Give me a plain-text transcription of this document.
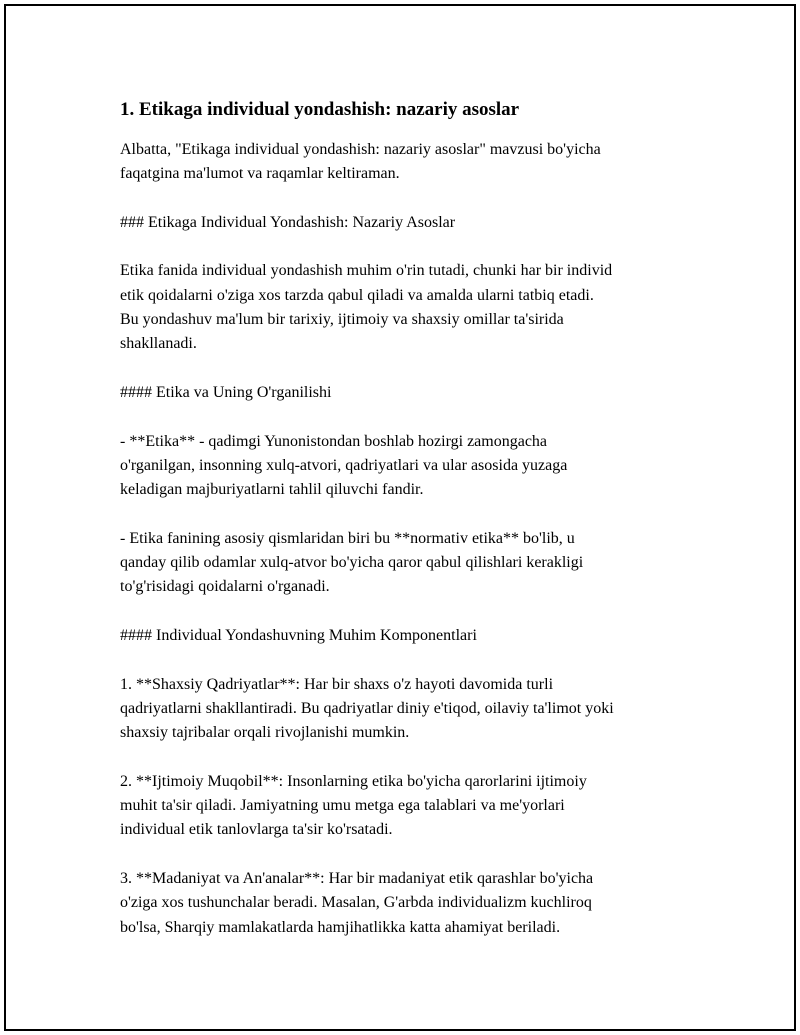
1. Etikaga individual yondashish: nazariy asoslar
Albatta, "Etikaga individual yondashish: nazariy asoslar" mavzusi bo'yicha
faqatgina ma'lumot va raqamlar keltiraman.
### Etikaga Individual Yondashish: Nazariy Asoslar
Etika fanida individual yondashish muhim o'rin tutadi, chunki har bir individ
etik qoidalarni o'ziga xos tarzda qabul qiladi va amalda ularni tatbiq etadi.
Bu yondashuv ma'lum bir tarixiy, ijtimoiy va shaxsiy omillar ta'sirida
shakllanadi.
#### Etika va Uning O'rganilishi
- **Etika** - qadimgi Yunonistondan boshlab hozirgi zamongacha
o'rganilgan, insonning xulq-atvori, qadriyatlari va ular asosida yuzaga
keladigan majburiyatlarni tahlil qiluvchi fandir.
- Etika fanining asosiy qismlaridan biri bu **normativ etika** bo'lib, u
qanday qilib odamlar xulq-atvor bo'yicha qaror qabul qilishlari kerakligi
to'g'risidagi qoidalarni o'rganadi.
#### Individual Yondashuvning Muhim Komponentlari
1. **Shaxsiy Qadriyatlar**: Har bir shaxs o'z hayoti davomida turli
qadriyatlarni shakllantiradi. Bu qadriyatlar diniy e'tiqod, oilaviy ta'limot yoki
shaxsiy tajribalar orqali rivojlanishi mumkin.
2. **Ijtimoiy Muqobil**: Insonlarning etika bo'yicha qarorlarini ijtimoiy
muhit ta'sir qiladi. Jamiyatning umu metga ega talablari va me'yorlari
individual etik tanlovlarga ta'sir ko'rsatadi.
3. **Madaniyat va An'analar**: Har bir madaniyat etik qarashlar bo'yicha
o'ziga xos tushunchalar beradi. Masalan, G'arbda individualizm kuchliroq
bo'lsa, Sharqiy mamlakatlarda hamjihatlikka katta ahamiyat beriladi.
